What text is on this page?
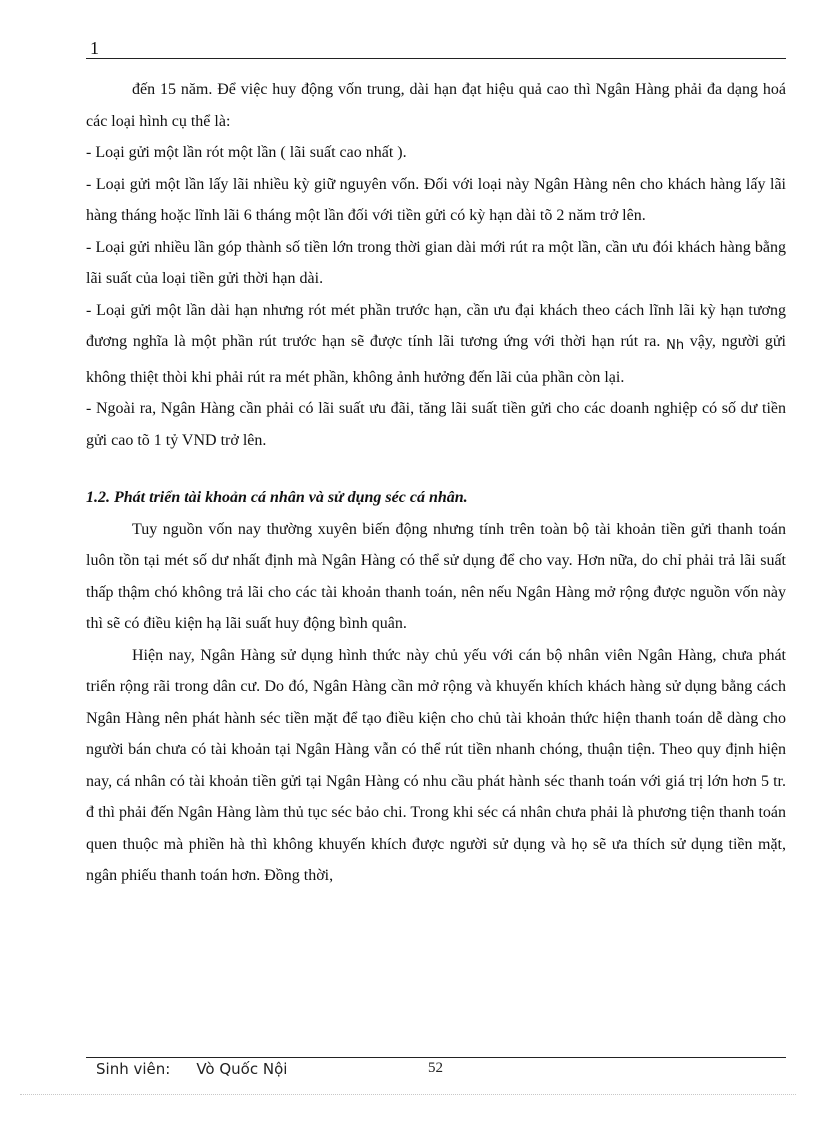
1

đến 15 năm. Để việc huy động vốn trung, dài hạn đạt hiệu quả cao thì Ngân Hàng phải đa dạng hoá các loại hình cụ thể là:

- Loại gửi một lần rót một lần ( lãi suất cao nhất ).

- Loại gửi một lần lấy lãi nhiều kỳ giữ nguyên vốn. Đối với loại này Ngân Hàng nên cho khách hàng lấy lãi hàng tháng hoặc lĩnh lãi 6 tháng một lần đối với tiền gửi có kỳ hạn dài tõ 2 năm trở lên.

- Loại gửi nhiều lần góp thành số tiền lớn trong thời gian dài mới rút ra một lần, cần ưu đói khách hàng bằng lãi suất của loại tiền gửi thời hạn dài.

- Loại gửi một lần dài hạn nhưng rót mét phần trước hạn, cần ưu đại khách theo cách lĩnh lãi kỳ hạn tương đương nghĩa là một phần rút trước hạn sẽ được tính lãi tương ứng với thời hạn rút ra. Nh vậy, người gửi không thiệt thòi khi phải rút ra mét phần, không ảnh hưởng đến lãi của phần còn lại.

- Ngoài ra, Ngân Hàng cần phải có lãi suất ưu đãi, tăng lãi suất tiền gửi cho các doanh nghiệp có số dư tiền gửi cao tõ 1 tỷ VND trở lên.

1.2. Phát triển tài khoản cá nhân và sử dụng séc cá nhân.

Tuy nguồn vốn nay thường xuyên biến động nhưng tính trên toàn bộ tài khoản tiền gửi thanh toán luôn tồn tại mét số dư nhất định mà Ngân Hàng có thể sử dụng để cho vay. Hơn nữa, do chỉ phải trả lãi suất thấp thậm chó không trả lãi cho các tài khoản thanh toán, nên nếu Ngân Hàng mở rộng được nguồn vốn này thì sẽ có điều kiện hạ lãi suất huy động bình quân.

Hiện nay, Ngân Hàng sử dụng hình thức này chủ yếu với cán bộ nhân viên Ngân Hàng, chưa phát triển rộng rãi trong dân cư. Do đó, Ngân Hàng cần mở rộng và khuyến khích khách hàng sử dụng bằng cách Ngân Hàng nên phát hành séc tiền mặt để tạo điều kiện cho chủ tài khoản thức hiện thanh toán dễ dàng cho người bán chưa có tài khoản tại Ngân Hàng vẫn có thể rút tiền nhanh chóng, thuận tiện. Theo quy định hiện nay, cá nhân có tài khoản tiền gửi tại Ngân Hàng có nhu cầu phát hành séc thanh toán với giá trị lớn hơn 5 tr. đ thì phải đến Ngân Hàng làm thủ tục séc bảo chi. Trong khi séc cá nhân chưa phải là phương tiện thanh toán quen thuộc mà phiền hà thì không khuyến khích được người sử dụng và họ sẽ ưa thích sử dụng tiền mặt, ngân phiếu thanh toán hơn. Đồng thời,

Sinh viên: Vò Quốc Nội	52
